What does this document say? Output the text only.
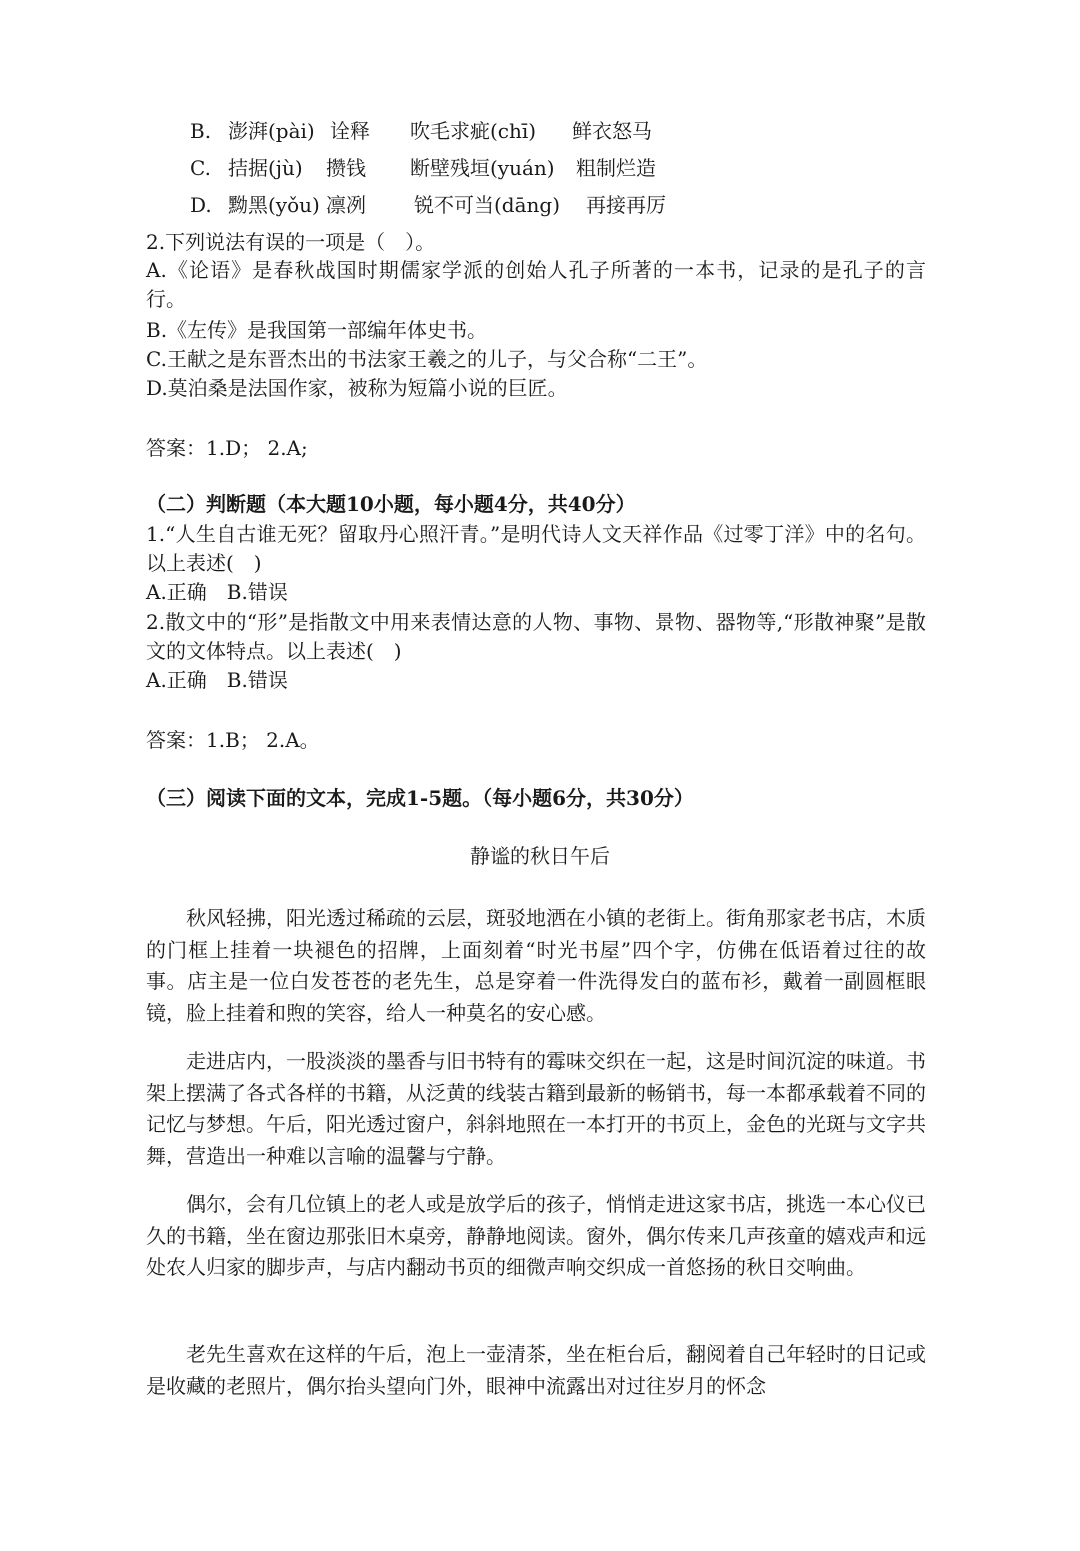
B. 澎湃(pài) 诠释 吹毛求疵(chī) 鲜衣怒马
C. 拮据(jù) 攒钱 断壁残垣(yuán) 粗制烂造
D. 黝黑(yǒu) 凛冽 锐不可当(dāng) 再接再厉
2.下列说法有误的一项是（　）。
A.《论语》是春秋战国时期儒家学派的创始人孔子所著的一本书，记录的是孔子的言行。
B.《左传》是我国第一部编年体史书。
C.王献之是东晋杰出的书法家王羲之的儿子，与父合称“二王”。
D.莫泊桑是法国作家，被称为短篇小说的巨匠。
答案：1.D； 2.A;
（二）判断题（本大题10小题，每小题4分，共40分）
1.“人生自古谁无死？留取丹心照汗青。”是明代诗人文天祥作品《过零丁洋》中的名句。以上表述(　)
A.正确　B.错误
2.散文中的“形”是指散文中用来表情达意的人物、事物、景物、器物等,“形散神聚”是散文的文体特点。以上表述(　)
A.正确　B.错误
答案：1.B； 2.A。
（三）阅读下面的文本，完成1-5题。（每小题6分，共30分）
静谧的秋日午后
秋风轻拂，阳光透过稀疏的云层，斑驳地洒在小镇的老街上。街角那家老书店，木质的门框上挂着一块褪色的招牌，上面刻着“时光书屋”四个字，仿佛在低语着过往的故事。店主是一位白发苍苍的老先生，总是穿着一件洗得发白的蓝布衫，戴着一副圆框眼镜，脸上挂着和煦的笑容，给人一种莫名的安心感。
走进店内，一股淡淡的墨香与旧书特有的霉味交织在一起，这是时间沉淀的味道。书架上摆满了各式各样的书籍，从泛黄的线装古籍到最新的畅销书，每一本都承载着不同的记忆与梦想。午后，阳光透过窗户，斜斜地照在一本打开的书页上，金色的光斑与文字共舞，营造出一种难以言喻的温馨与宁静。
偶尔，会有几位镇上的老人或是放学后的孩子，悄悄走进这家书店，挑选一本心仪已久的书籍，坐在窗边那张旧木桌旁，静静地阅读。窗外，偶尔传来几声孩童的嬉戏声和远处农人归家的脚步声，与店内翻动书页的细微声响交织成一首悠扬的秋日交响曲。
老先生喜欢在这样的午后，泡上一壶清茶，坐在柜台后，翻阅着自己年轻时的日记或是收藏的老照片，偶尔抬头望向门外，眼神中流露出对过往岁月的怀念
